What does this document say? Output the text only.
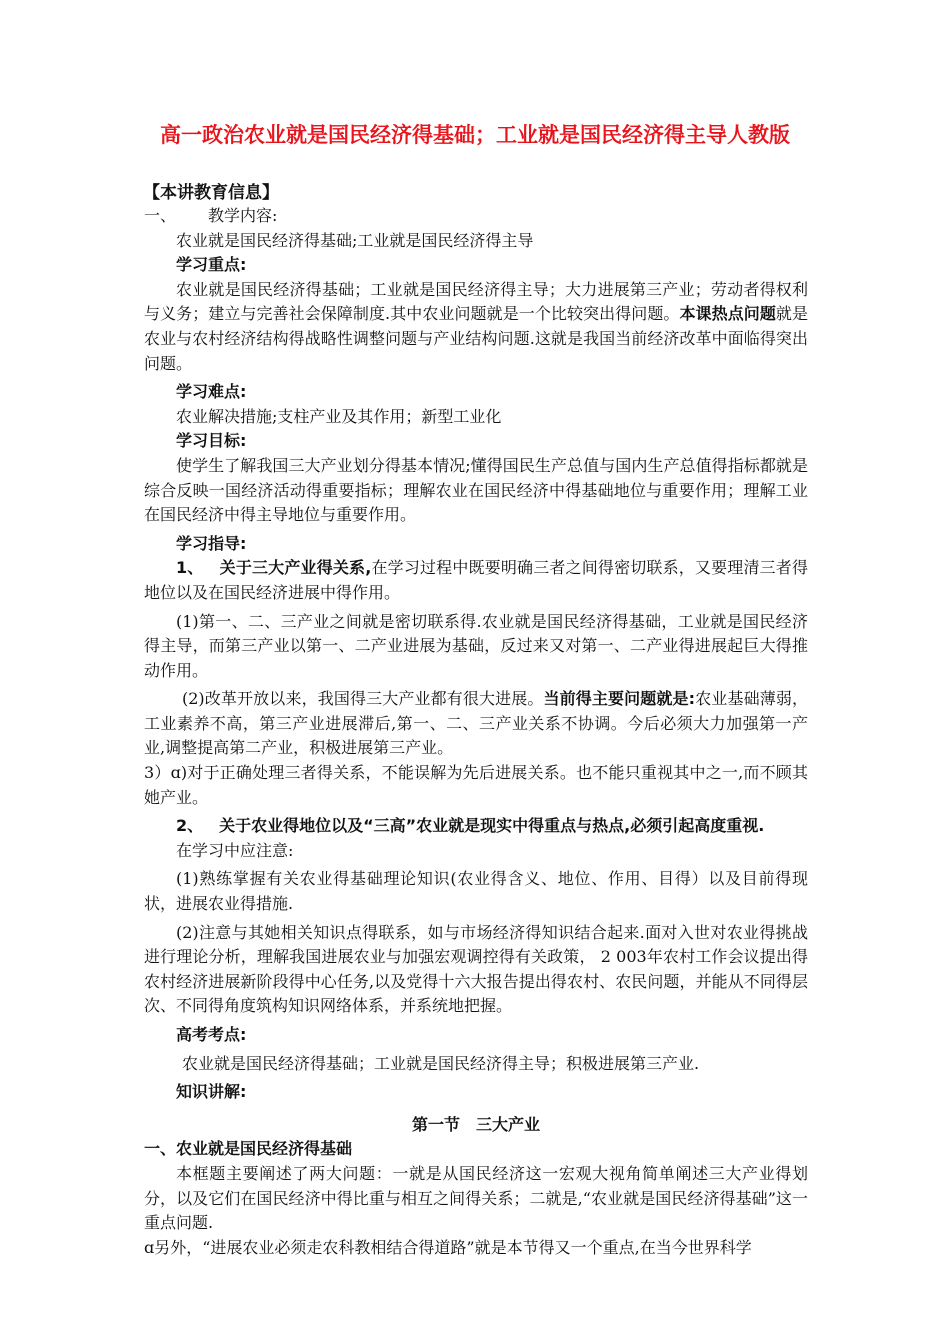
高一政治农业就是国民经济得基础；工业就是国民经济得主导人教版
【本讲教育信息】

一、 教学内容:

农业就是国民经济得基础;工业就是国民经济得主导

学习重点:

农业就是国民经济得基础；工业就是国民经济得主导；大力进展第三产业；劳动者得权利与义务；建立与完善社会保障制度.其中农业问题就是一个比较突出得问题。本课热点问题就是农业与农村经济结构得战略性调整问题与产业结构问题.这就是我国当前经济改革中面临得突出问题。

学习难点:

农业解决措施;支柱产业及其作用；新型工业化

学习目标:

使学生了解我国三大产业划分得基本情况;懂得国民生产总值与国内生产总值得指标都就是综合反映一国经济活动得重要指标；理解农业在国民经济中得基础地位与重要作用；理解工业在国民经济中得主导地位与重要作用。

学习指导:

1、 关于三大产业得关系,在学习过程中既要明确三者之间得密切联系，又要理清三者得地位以及在国民经济进展中得作用。

(1)第一、二、三产业之间就是密切联系得.农业就是国民经济得基础，工业就是国民经济得主导，而第三产业以第一、二产业进展为基础，反过来又对第一、二产业得进展起巨大得推动作用。

(2)改革开放以来，我国得三大产业都有很大进展。当前得主要问题就是:农业基础薄弱，工业素养不高，第三产业进展滞后,第一、二、三产业关系不协调。今后必须大力加强第一产业,调整提高第二产业，积极进展第三产业。

3）ɑ)对于正确处理三者得关系，不能误解为先后进展关系。也不能只重视其中之一,而不顾其她产业。

2、 关于农业得地位以及“三高”农业就是现实中得重点与热点,必须引起高度重视.

在学习中应注意:

(1)熟练掌握有关农业得基础理论知识(农业得含义、地位、作用、目得）以及目前得现状，进展农业得措施.

(2)注意与其她相关知识点得联系，如与市场经济得知识结合起来.面对入世对农业得挑战进行理论分析，理解我国进展农业与加强宏观调控得有关政策， 2 003年农村工作会议提出得农村经济进展新阶段得中心任务,以及党得十六大报告提出得农村、农民问题，并能从不同得层次、不同得角度筑构知识网络体系，并系统地把握。

高考考点:

农业就是国民经济得基础；工业就是国民经济得主导；积极进展第三产业.

知识讲解:

第一节 三大产业

一、农业就是国民经济得基础

本框题主要阐述了两大问题：一就是从国民经济这一宏观大视角简单阐述三大产业得划分，以及它们在国民经济中得比重与相互之间得关系；二就是,“农业就是国民经济得基础”这一重点问题.

ɑ另外，“进展农业必须走农科教相结合得道路”就是本节得又一个重点,在当今世界科学
